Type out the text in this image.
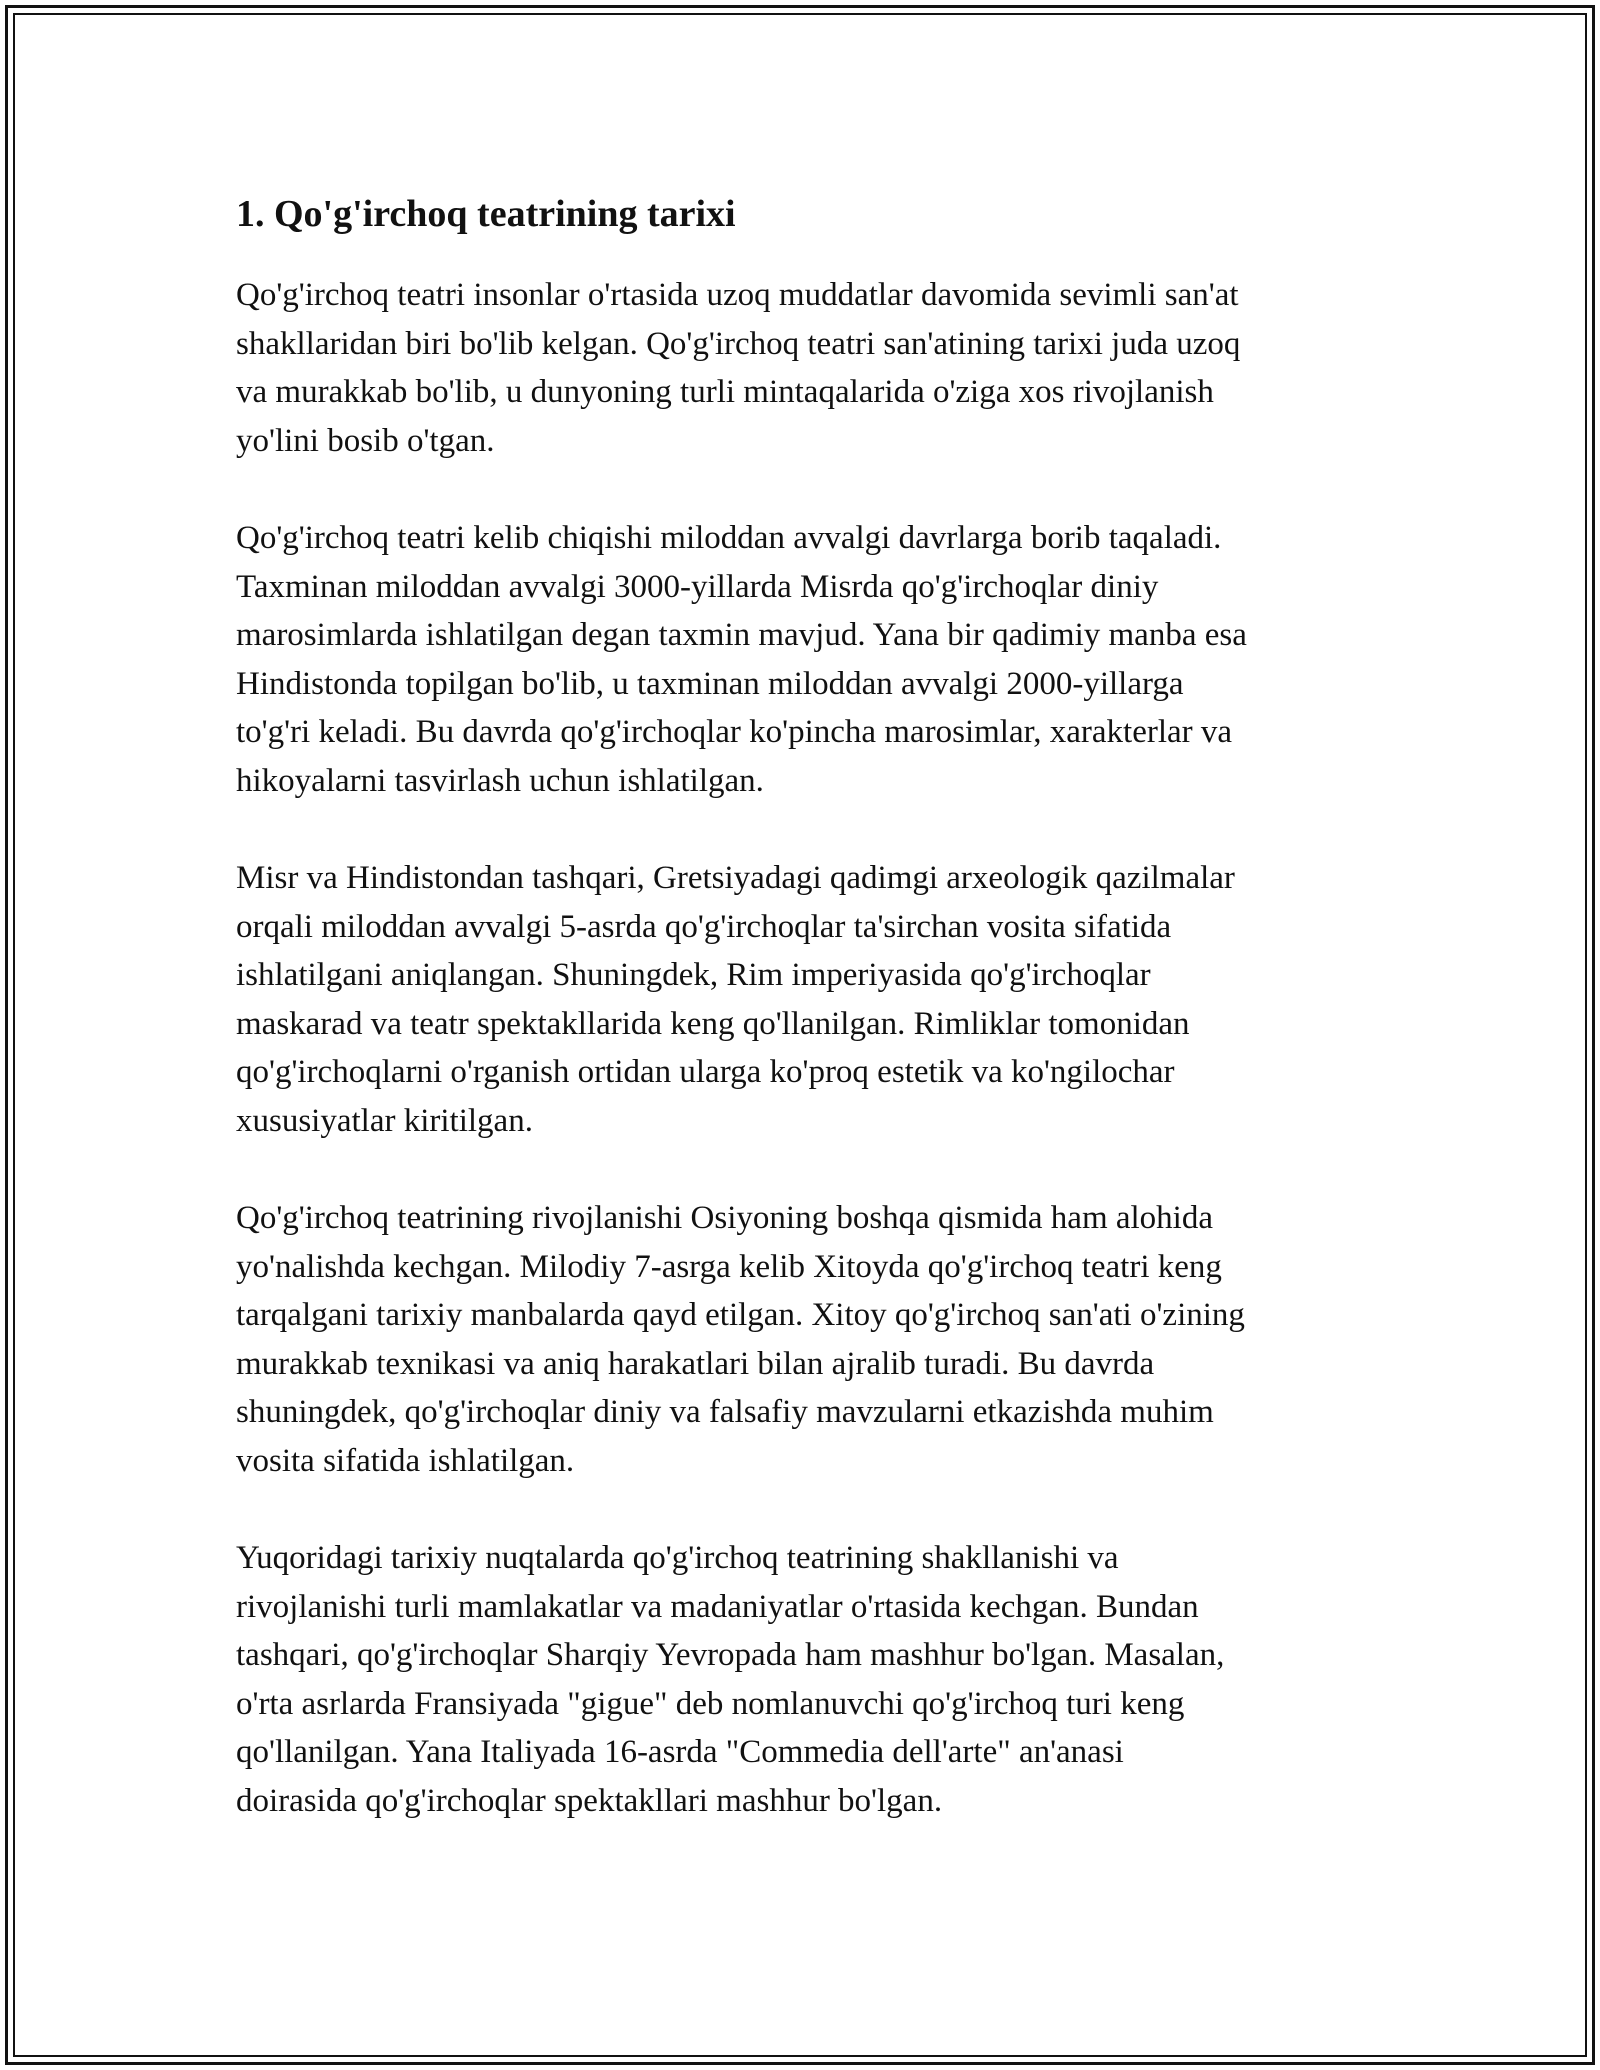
1. Qo'g'irchoq teatrining tarixi

Qo'g'irchoq teatri insonlar o'rtasida uzoq muddatlar davomida sevimli san'at
shakllaridan biri bo'lib kelgan. Qo'g'irchoq teatri san'atining tarixi juda uzoq
va murakkab bo'lib, u dunyoning turli mintaqalarida o'ziga xos rivojlanish
yo'lini bosib o'tgan.

Qo'g'irchoq teatri kelib chiqishi miloddan avvalgi davrlarga borib taqaladi.
Taxminan miloddan avvalgi 3000-yillarda Misrda qo'g'irchoqlar diniy
marosimlarda ishlatilgan degan taxmin mavjud. Yana bir qadimiy manba esa
Hindistonda topilgan bo'lib, u taxminan miloddan avvalgi 2000-yillarga
to'g'ri keladi. Bu davrda qo'g'irchoqlar ko'pincha marosimlar, xarakterlar va
hikoyalarni tasvirlash uchun ishlatilgan.

Misr va Hindistondan tashqari, Gretsiyadagi qadimgi arxeologik qazilmalar
orqali miloddan avvalgi 5-asrda qo'g'irchoqlar ta'sirchan vosita sifatida
ishlatilgani aniqlangan. Shuningdek, Rim imperiyasida qo'g'irchoqlar
maskarad va teatr spektakllarida keng qo'llanilgan. Rimliklar tomonidan
qo'g'irchoqlarni o'rganish ortidan ularga ko'proq estetik va ko'ngilochar
xususiyatlar kiritilgan.

Qo'g'irchoq teatrining rivojlanishi Osiyoning boshqa qismida ham alohida
yo'nalishda kechgan. Milodiy 7-asrga kelib Xitoyda qo'g'irchoq teatri keng
tarqalgani tarixiy manbalarda qayd etilgan. Xitoy qo'g'irchoq san'ati o'zining
murakkab texnikasi va aniq harakatlari bilan ajralib turadi. Bu davrda
shuningdek, qo'g'irchoqlar diniy va falsafiy mavzularni etkazishda muhim
vosita sifatida ishlatilgan.

Yuqoridagi tarixiy nuqtalarda qo'g'irchoq teatrining shakllanishi va
rivojlanishi turli mamlakatlar va madaniyatlar o'rtasida kechgan. Bundan
tashqari, qo'g'irchoqlar Sharqiy Yevropada ham mashhur bo'lgan. Masalan,
o'rta asrlarda Fransiyada "gigue" deb nomlanuvchi qo'g'irchoq turi keng
qo'llanilgan. Yana Italiyada 16-asrda "Commedia dell'arte" an'anasi
doirasida qo'g'irchoqlar spektakllari mashhur bo'lgan.
